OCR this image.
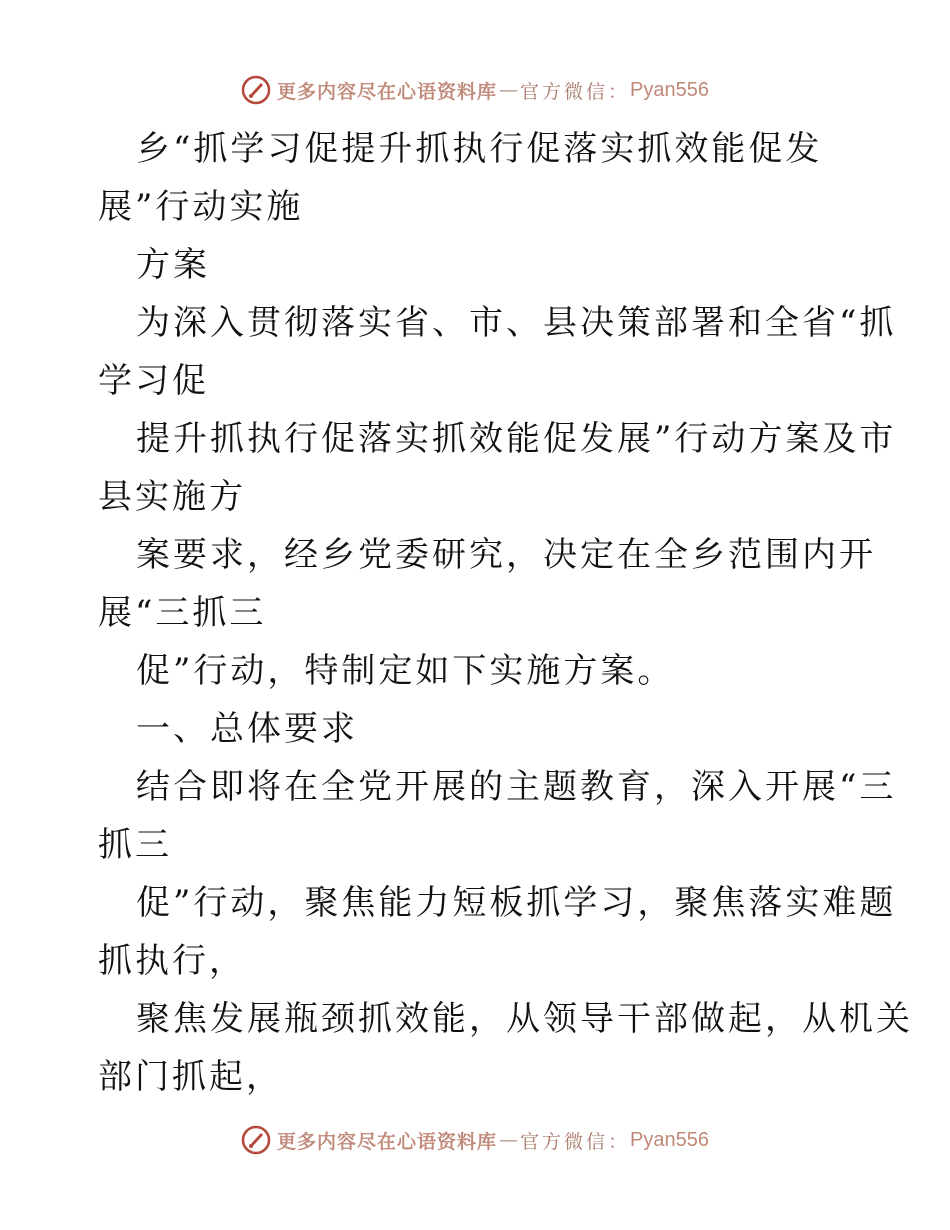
更多内容尽在心语资料库 — 官方微信： Pyan556
乡“抓学习促提升抓执行促落实抓效能促发
展”行动实施
方案
为深入贯彻落实省、市、县决策部署和全省“抓
学习促
提升抓执行促落实抓效能促发展”行动方案及市
县实施方
案要求，经乡党委研究，决定在全乡范围内开
展“三抓三
促”行动，特制定如下实施方案。
一、总体要求
结合即将在全党开展的主题教育，深入开展“三
抓三
促”行动，聚焦能力短板抓学习，聚焦落实难题
抓执行，
聚焦发展瓶颈抓效能，从领导干部做起，从机关
部门抓起，
更多内容尽在心语资料库 — 官方微信： Pyan556
